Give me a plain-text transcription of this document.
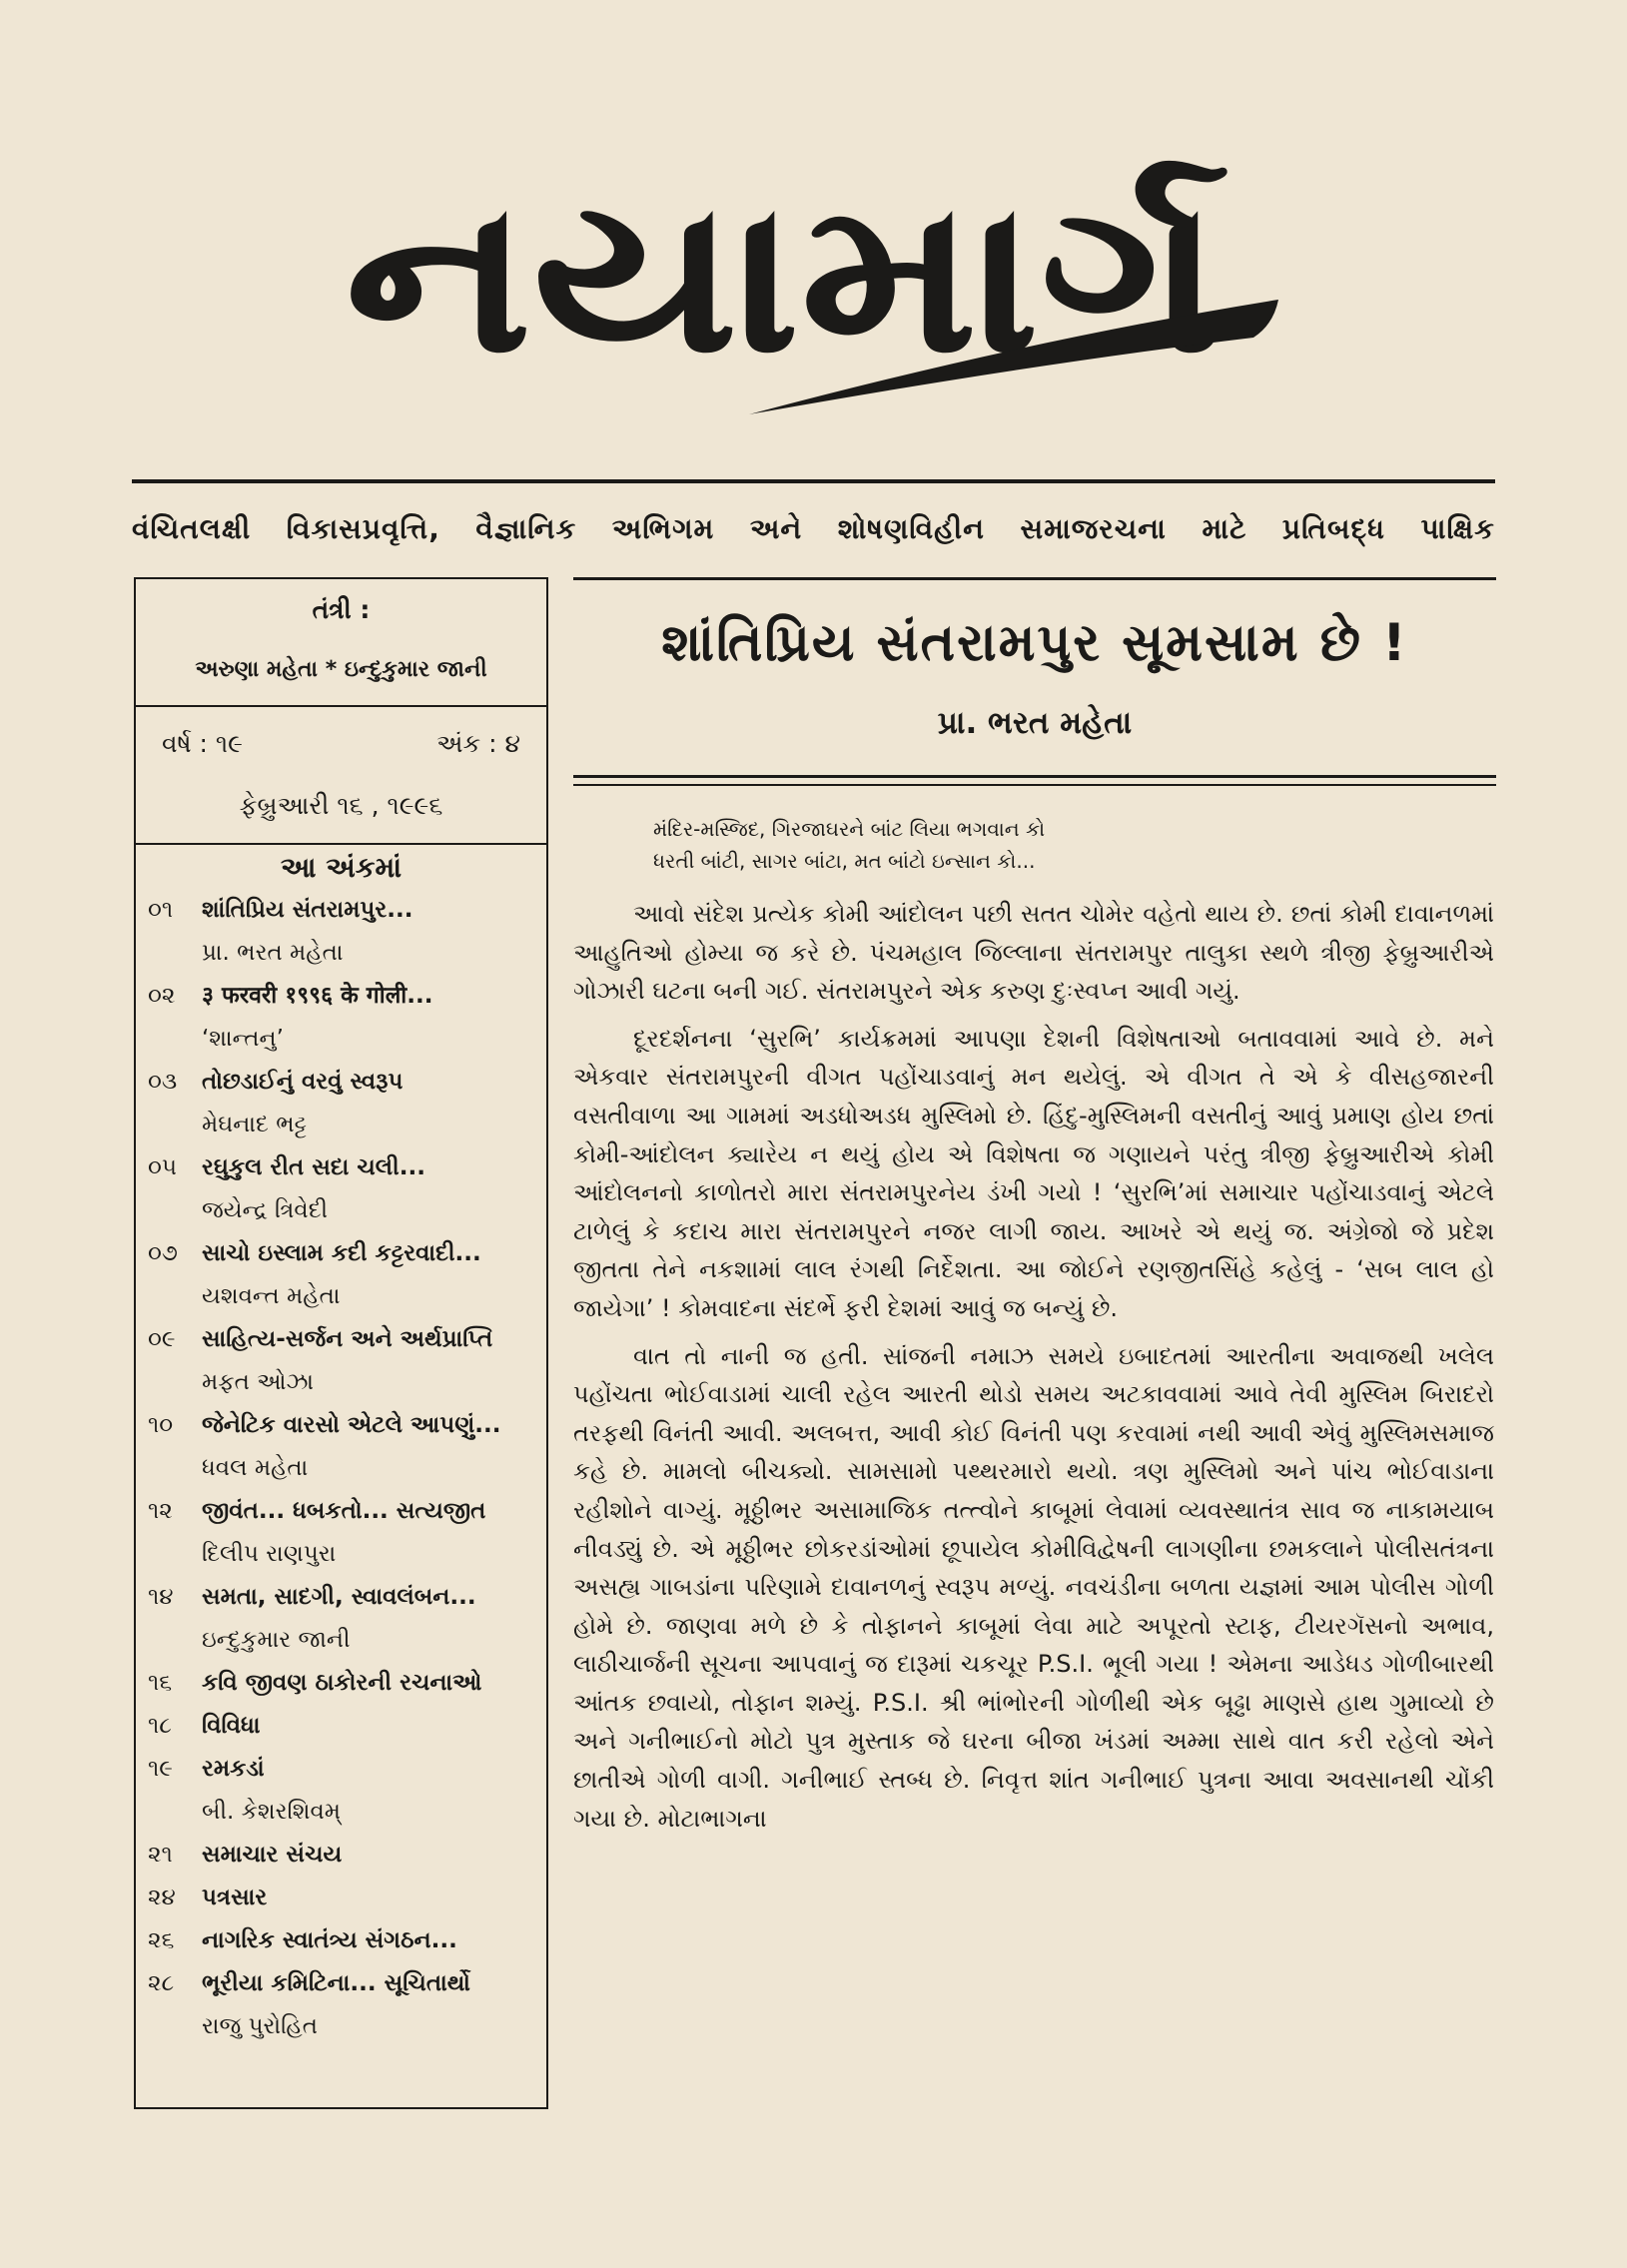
નયામાર્ગ
વંચિતલક્ષી વિકાસપ્રવૃત્તિ, વૈજ્ઞાનિક અભિગમ અને શોષણવિહીન સમાજરચના માટે પ્રતિબદ્ધ પાક્ષિક
તંત્રી :
અરુણા મહેતા * ઇન્દુકુમાર જાની
વર્ષ : ૧૯	અંક : ૪
ફેબ્રુઆરી ૧૬ , ૧૯૯૬
આ અંકમાં
૦૧ શાંતિપ્રિય સંતરામપુર...
પ્રા. ભરત મહેતા
૦૨ ३ फरवरी १९९६ के गोली...
‘શાન્તનુ’
૦૩ તોછડાઈનું વરવું સ્વરૂપ
મેઘનાદ ભટ્ટ
૦૫ રઘુકુલ રીત સદા ચલી...
જયેન્દ્ર ત્રિવેદી
૦૭ સાચો ઇસ્લામ કદી કટ્ટરવાદી...
યશવન્ત મહેતા
૦૯ સાહિત્ય-સર્જન અને અર્થપ્રાપ્તિ
મફત ઓઝા
૧૦ જેનેટિક વારસો એટલે આપણું...
ધવલ મહેતા
૧૨ જીવંત... ધબકતો... સત્યજીત
દિલીપ રાણપુરા
૧૪ સમતા, સાદગી, સ્વાવલંબન...
ઇન્દુકુમાર જાની
૧૬ કવિ જીવણ ઠાકોરની રચનાઓ
૧૮ વિવિધા
૧૯ રમકડાં
બી. કેશરશિવમ્
૨૧ સમાચાર સંચય
૨૪ પત્રસાર
૨૬ નાગરિક સ્વાતંત્ર્ય સંગઠન...
૨૮ ભૂરીયા કમિટિના... સૂચિતાર્થો
રાજુ પુરોહિત
શાંતિપ્રિય સંતરામપુર સૂમસામ છે !
પ્રા. ભરત મહેતા
મંદિર-મસ્જિદ, ગિરજાઘરને બાંટ લિયા ભગવાન કો
ધરતી બાંટી, સાગર બાંટા, મત બાંટો ઇન્સાન કો...

આવો સંદેશ પ્રત્યેક કોમી આંદોલન પછી સતત ચોમેર વહેતો થાય છે. છતાં કોમી દાવાનળમાં આહુતિઓ હોમ્યા જ કરે છે. પંચમહાલ જિલ્લાના સંતરામપુર તાલુકા સ્થળે ત્રીજી ફેબ્રુઆરીએ ગોઝારી ઘટના બની ગઈ. સંતરામપુરને એક કરુણ દુઃસ્વપ્ન આવી ગયું.

દૂરદર્શનના ‘સુરભિ’ કાર્યક્રમમાં આપણા દેશની વિશેષતાઓ બતાવવામાં આવે છે. મને એકવાર સંતરામપુરની વીગત પહોંચાડવાનું મન થયેલું. એ વીગત તે એ કે વીસહજારની વસતીવાળા આ ગામમાં અડધોઅડધ મુસ્લિમો છે. હિંદુ-મુસ્લિમની વસતીનું આવું પ્રમાણ હોય છતાં કોમી-આંદોલન ક્યારેય ન થયું હોય એ વિશેષતા જ ગણાયને પરંતુ ત્રીજી ફેબ્રુઆરીએ કોમી આંદોલનનો કાળોતરો મારા સંતરામપુરનેય ડંખી ગયો ! ‘સુરભિ’માં સમાચાર પહોંચાડવાનું એટલે ટાળેલું કે કદાચ મારા સંતરામપુરને નજર લાગી જાય. આખરે એ થયું જ. અંગ્રેજો જે પ્રદેશ જીતતા તેને નકશામાં લાલ રંગથી નિર્દેશતા. આ જોઈને રણજીતસિંહે કહેલું - ‘સબ લાલ હો જાયેગા’ ! કોમવાદના સંદર્ભે ફરી દેશમાં આવું જ બન્યું છે.

વાત તો નાની જ હતી. સાંજની નમાઝ સમયે ઇબાદતમાં આરતીના અવાજથી ખલેલ પહોંચતા ભોઈવાડામાં ચાલી રહેલ આરતી થોડો સમય અટકાવવામાં આવે તેવી મુસ્લિમ બિરાદરો તરફથી વિનંતી આવી. અલબત્ત, આવી કોઈ વિનંતી પણ કરવામાં નથી આવી એવું મુસ્લિમસમાજ કહે છે. મામલો બીચક્યો. સામસામો પથ્થરમારો થયો. ત્રણ મુસ્લિમો અને પાંચ ભોઈવાડાના રહીશોને વાગ્યું. મૂઠ્ઠીભર અસામાજિક તત્ત્વોને કાબૂમાં લેવામાં વ્યવસ્થાતંત્ર સાવ જ નાકામયાબ નીવડ્યું છે. એ મૂઠ્ઠીભર છોકરડાંઓમાં છૂપાયેલ કોમીવિદ્વેષની લાગણીના છમકલાને પોલીસતંત્રના અસહ્ય ગાબડાંના પરિણામે દાવાનળનું સ્વરૂપ મળ્યું. નવચંડીના બળતા યજ્ઞમાં આમ પોલીસ ગોળી હોમે છે. જાણવા મળે છે કે તોફાનને કાબૂમાં લેવા માટે અપૂરતો સ્ટાફ, ટીયરગૅસનો અભાવ, લાઠીચાર્જની સૂચના આપવાનું જ દારૂમાં ચકચૂર P.S.I. ભૂલી ગયા ! એમના આડેધડ ગોળીબારથી આંતક છવાયો, તોફાન શમ્યું. P.S.I. શ્રી ભાંભોરની ગોળીથી એક બૂઢ્ઢા માણસે હાથ ગુમાવ્યો છે અને ગનીભાઈનો મોટો પુત્ર મુસ્તાક જે ઘરના બીજા ખંડમાં અમ્મા સાથે વાત કરી રહેલો એને છાતીએ ગોળી વાગી. ગનીભાઈ સ્તબ્ધ છે. નિવૃત્ત શાંત ગનીભાઈ પુત્રના આવા અવસાનથી ચોંકી ગયા છે. મોટાભાગના
